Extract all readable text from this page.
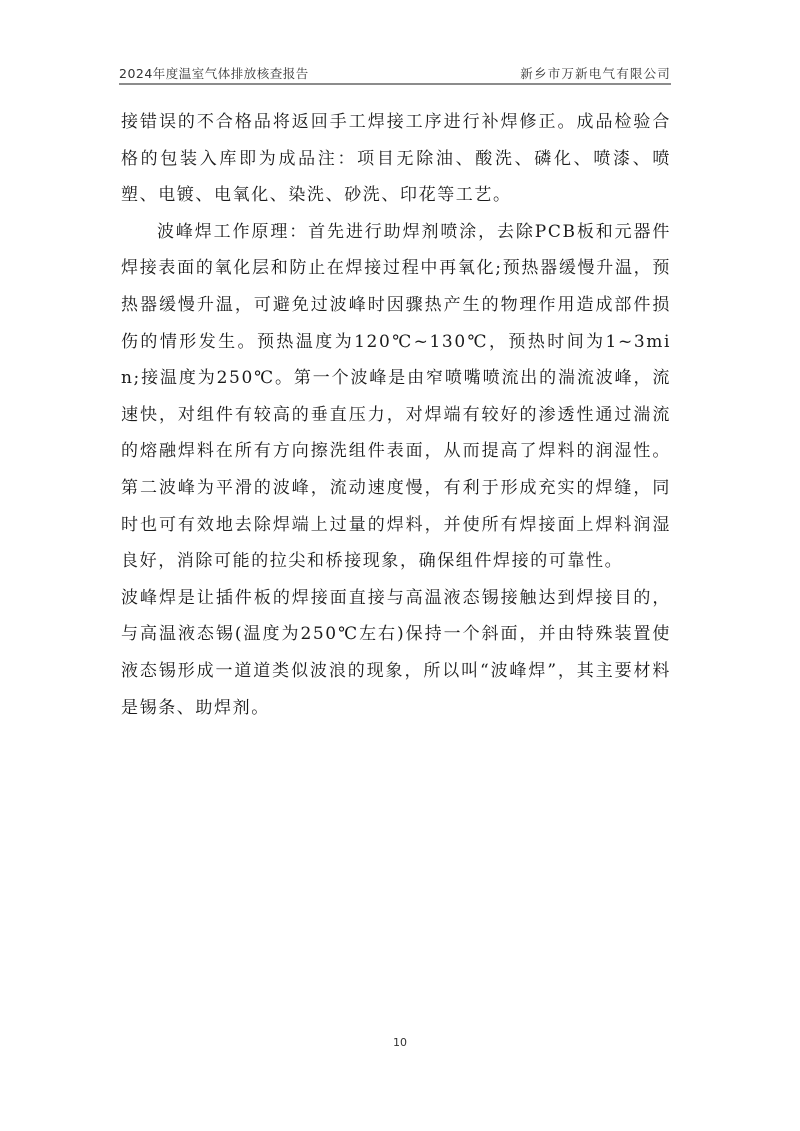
2024年度温室气体排放核查报告	新乡市万新电气有限公司

接错误的不合格品将返回手工焊接工序进行补焊修正。成品检验合格的包装入库即为成品注：项目无除油、酸洗、磷化、喷漆、喷塑、电镀、电氧化、染洗、砂洗、印花等工艺。

波峰焊工作原理：首先进行助焊剂喷涂，去除PCB板和元器件焊接表面的氧化层和防止在焊接过程中再氧化;预热器缓慢升温，预热器缓慢升温，可避免过波峰时因骤热产生的物理作用造成部件损伤的情形发生。预热温度为120℃~130℃，预热时间为1~3min;接温度为250℃。第一个波峰是由窄喷嘴喷流出的湍流波峰，流速快，对组件有较高的垂直压力，对焊端有较好的渗透性通过湍流的熔融焊料在所有方向擦洗组件表面，从而提高了焊料的润湿性。第二波峰为平滑的波峰，流动速度慢，有利于形成充实的焊缝，同时也可有效地去除焊端上过量的焊料，并使所有焊接面上焊料润湿良好，消除可能的拉尖和桥接现象，确保组件焊接的可靠性。

波峰焊是让插件板的焊接面直接与高温液态锡接触达到焊接目的，与高温液态锡(温度为250℃左右)保持一个斜面，并由特殊装置使液态锡形成一道道类似波浪的现象，所以叫“波峰焊”，其主要材料是锡条、助焊剂。

10
